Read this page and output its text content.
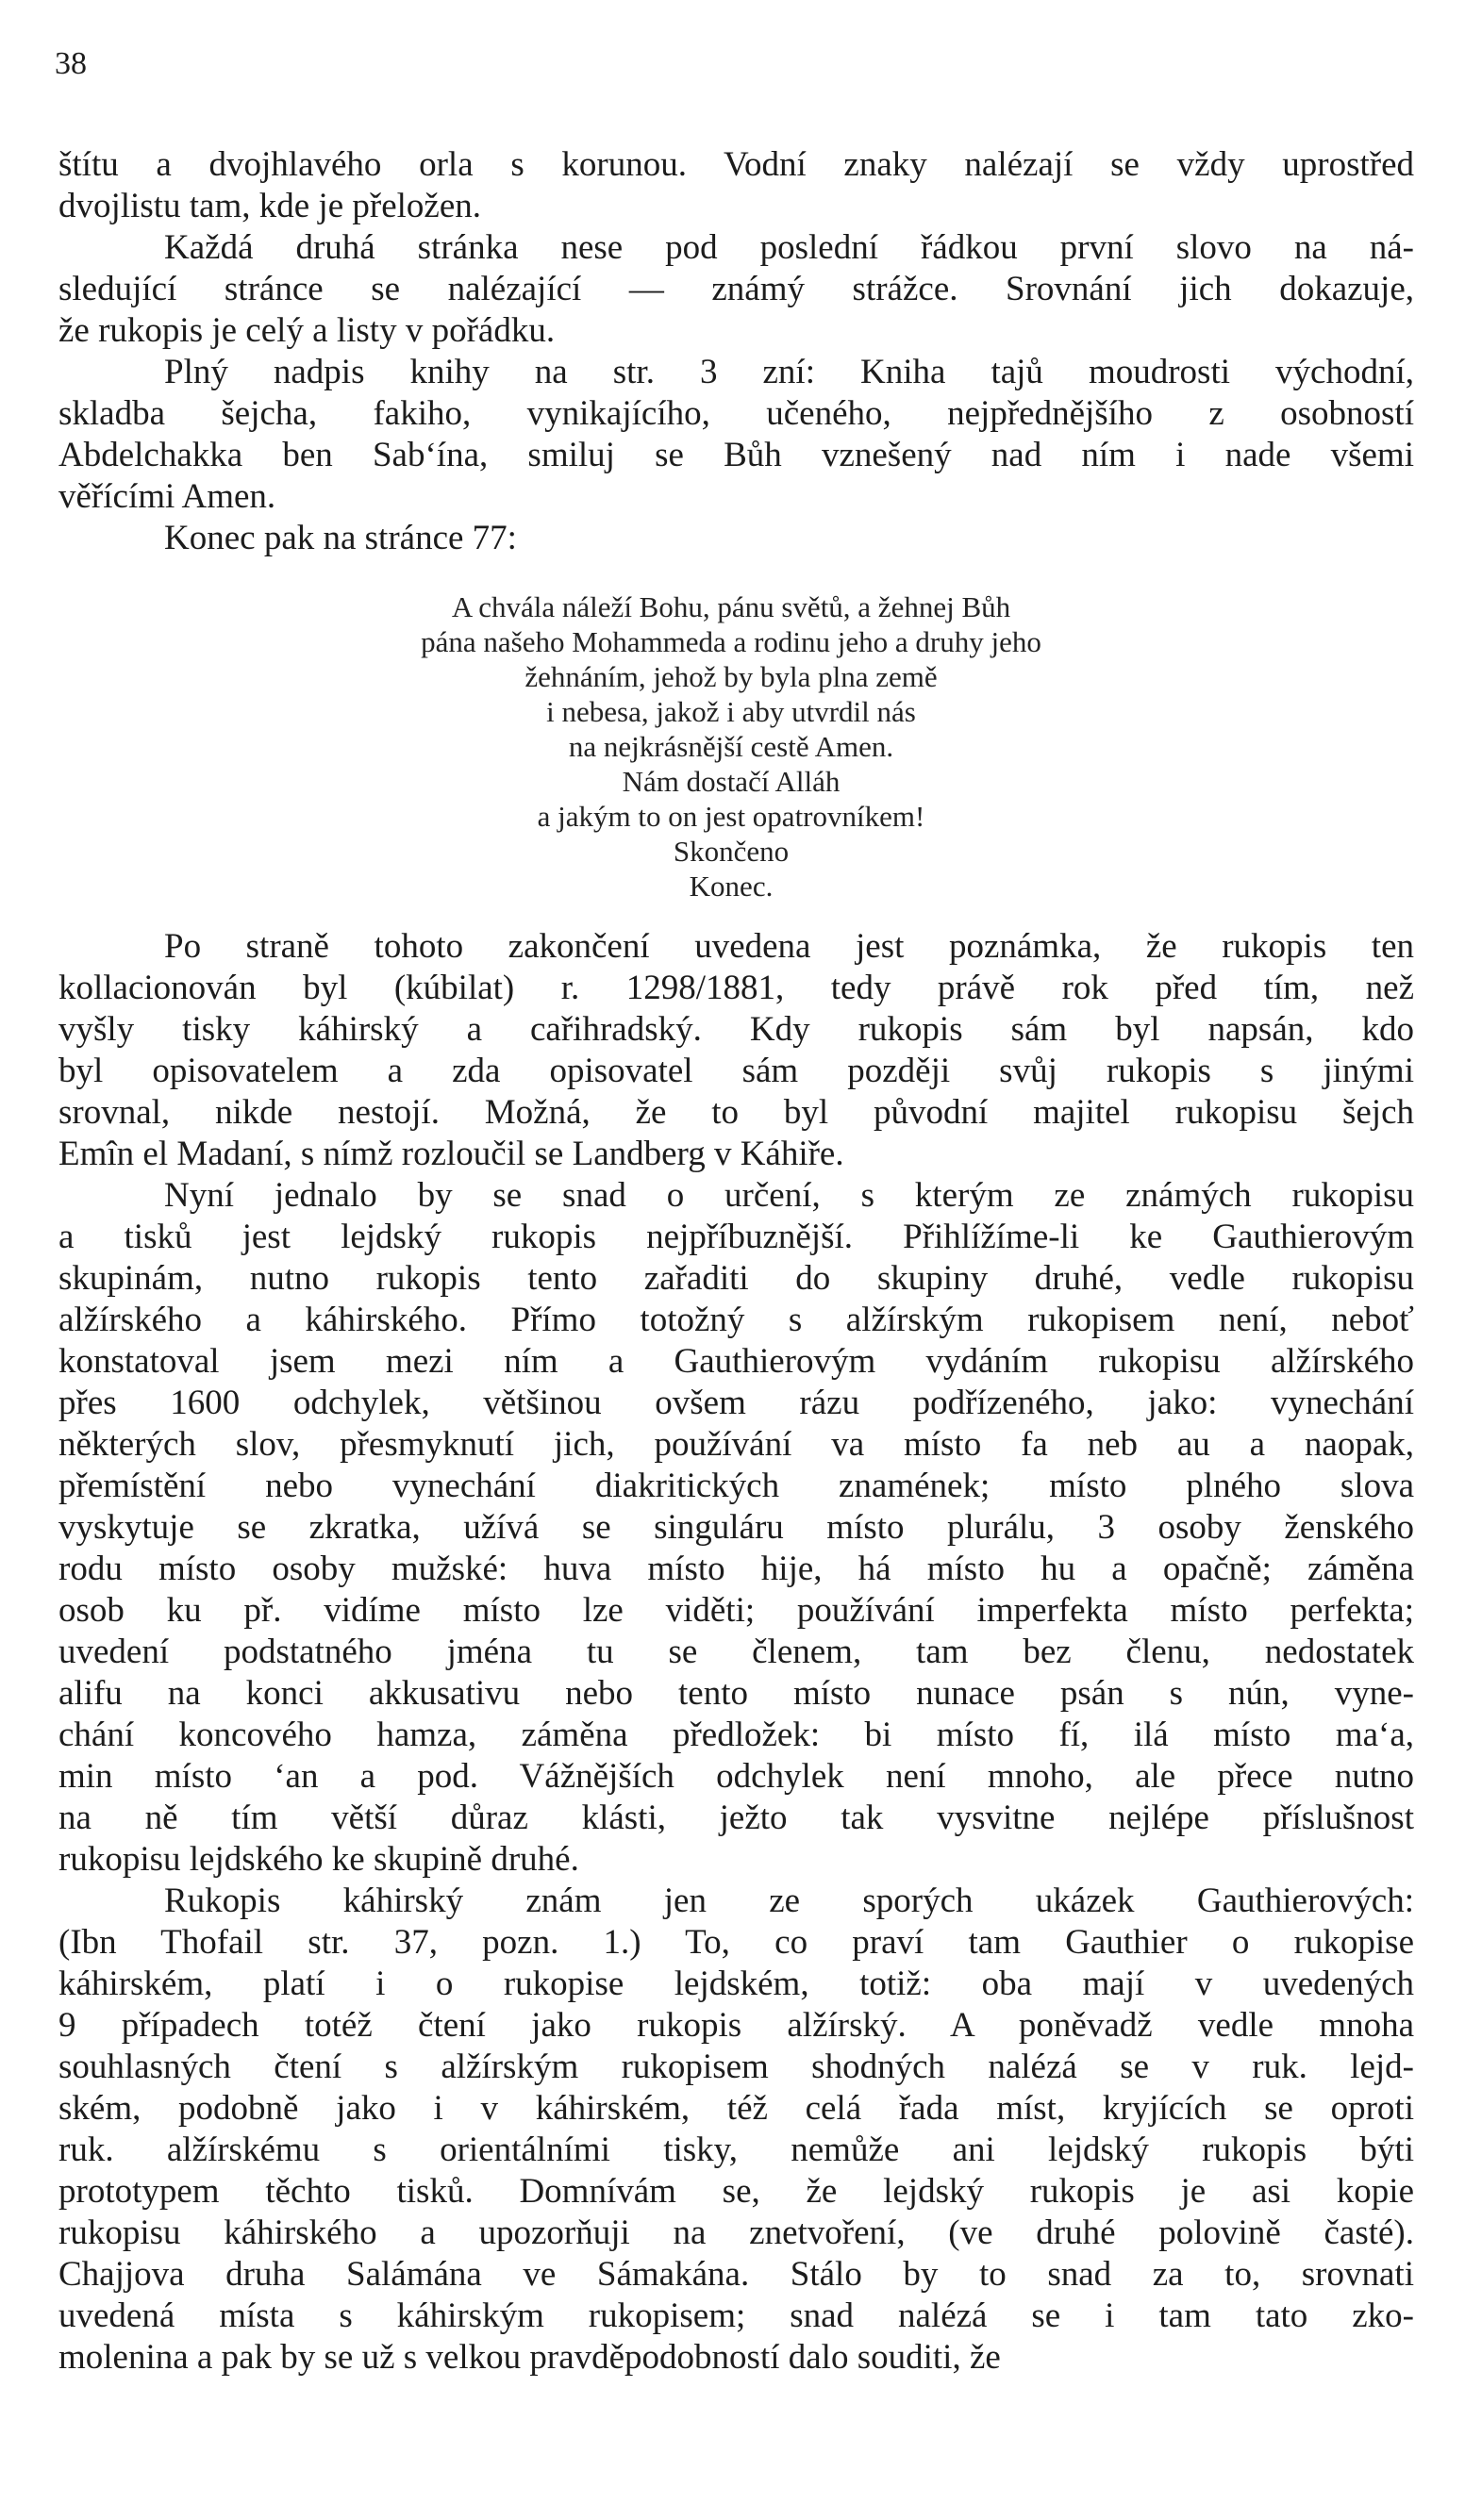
38
štítu a dvojhlavého orla s korunou. Vodní znaky nalézají se vždy uprostřed
dvojlistu tam, kde je přeložen.
Každá druhá stránka nese pod poslední řádkou první slovo na ná-
sledující stránce se nalézající — známý strážce. Srovnání jich dokazuje,
že rukopis je celý a listy v pořádku.
Plný nadpis knihy na str. 3 zní: Kniha tajů moudrosti východní,
skladba šejcha, fakiho, vynikajícího, učeného, nejpřednějšího z osobností
Abdelchakka ben Sab‘ína, smiluj se Bůh vznešený nad ním i nade všemi
věřícími Amen.
Konec pak na stránce 77:
A chvála náleží Bohu, pánu světů, a žehnej Bůh
pána našeho Mohammeda a rodinu jeho a druhy jeho
žehnáním, jehož by byla plna země
i nebesa, jakož i aby utvrdil nás
na nejkrásnější cestě Amen.
Nám dostačí Alláh
a jakým to on jest opatrovníkem!
Skončeno
Konec.
Po straně tohoto zakončení uvedena jest poznámka, že rukopis ten
kollacionován byl (kúbilat) r. 1298/1881, tedy právě rok před tím, než
vyšly tisky káhirský a cařihradský. Kdy rukopis sám byl napsán, kdo
byl opisovatelem a zda opisovatel sám později svůj rukopis s jinými
srovnal, nikde nestojí. Možná, že to byl původní majitel rukopisu šejch
Emîn el Madaní, s nímž rozloučil se Landberg v Káhiře.
Nyní jednalo by se snad o určení, s kterým ze známých rukopisu
a tisků jest lejdský rukopis nejpříbuznější. Přihlížíme-li ke Gauthierovým
skupinám, nutno rukopis tento zařaditi do skupiny druhé, vedle rukopisu
alžírského a káhirského. Přímo totožný s alžírským rukopisem není, neboť
konstatoval jsem mezi ním a Gauthierovým vydáním rukopisu alžírského
přes 1600 odchylek, většinou ovšem rázu podřízeného, jako: vynechání
některých slov, přesmyknutí jich, používání va místo fa neb au a naopak,
přemístění nebo vynechání diakritických znamének; místo plného slova
vyskytuje se zkratka, užívá se singuláru místo plurálu, 3 osoby ženského
rodu místo osoby mužské: huva místo hije, há místo hu a opačně; záměna
osob ku př. vidíme místo lze viděti; používání imperfekta místo perfekta;
uvedení podstatného jména tu se členem, tam bez členu, nedostatek
alifu na konci akkusativu nebo tento místo nunace psán s nún, vyne-
chání koncového hamza, záměna předložek: bi místo fí, ilá místo ma‘a,
min místo ‘an a pod. Vážnějších odchylek není mnoho, ale přece nutno
na ně tím větší důraz klásti, ježto tak vysvitne nejlépe příslušnost
rukopisu lejdského ke skupině druhé.
Rukopis káhirský znám jen ze sporých ukázek Gauthierových:
(Ibn Thofail str. 37, pozn. 1.) To, co praví tam Gauthier o rukopise
káhirském, platí i o rukopise lejdském, totiž: oba mají v uvedených
9 případech totéž čtení jako rukopis alžírský. A poněvadž vedle mnoha
souhlasných čtení s alžírským rukopisem shodných nalézá se v ruk. lejd-
ském, podobně jako i v káhirském, též celá řada míst, kryjících se oproti
ruk. alžírskému s orientálními tisky, nemůže ani lejdský rukopis býti
prototypem těchto tisků. Domnívám se, že lejdský rukopis je asi kopie
rukopisu káhirského a upozorňuji na znetvoření, (ve druhé polovině časté).
Chajjova druha Salámána ve Sámakána. Stálo by to snad za to, srovnati
uvedená místa s káhirským rukopisem; snad nalézá se i tam tato zko-
molenina a pak by se už s velkou pravděpodobností dalo souditi, že
